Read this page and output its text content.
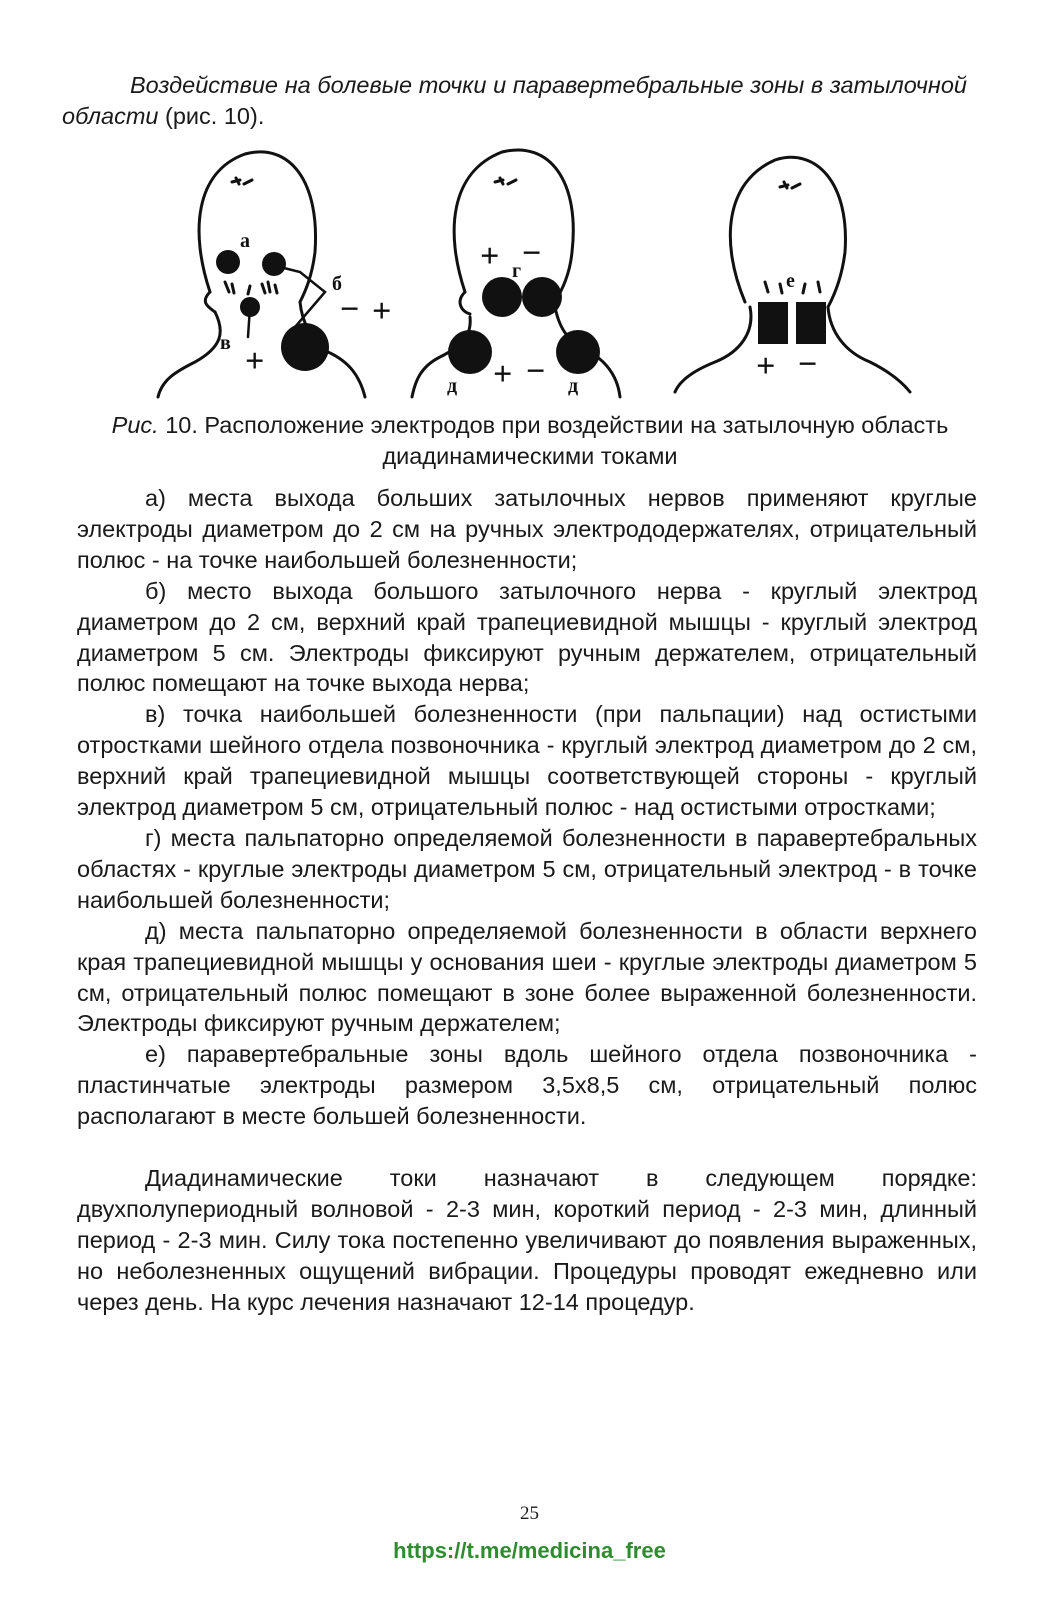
Воздействие на болевые точки и паравертебральные зоны в затылочной области (рис. 10).
а
б
в
г
д	д
е
− +
+
+ −
+ −	+ −
Рис. 10. Расположение электродов при воздействии на затылочную область диадинамическими токами

а) места выхода больших затылочных нервов применяют круглые электроды диаметром до 2 см на ручных электрододержателях, отрицательный полюс - на точке наибольшей болезненности;

б) место выхода большого затылочного нерва - круглый электрод диаметром до 2 см, верхний край трапециевидной мышцы - круглый электрод диаметром 5 см. Электроды фиксируют ручным держателем, отрицательный полюс помещают на точке выхода нерва;

в) точка наибольшей болезненности (при пальпации) над остистыми отростками шейного отдела позвоночника - круглый электрод диаметром до 2 см, верхний край трапециевидной мышцы соответствующей стороны - круглый электрод диаметром 5 см, отрицательный полюс - над остистыми отростками;

г) места пальпаторно определяемой болезненности в паравертебральных областях - круглые электроды диаметром 5 см, отрицательный электрод - в точке наибольшей болезненности;

д) места пальпаторно определяемой болезненности в области верхнего края трапециевидной мышцы у основания шеи - круглые электроды диаметром 5 см, отрицательный полюс помещают в зоне более выраженной болезненности. Электроды фиксируют ручным держателем;

е) паравертебральные зоны вдоль шейного отдела позвоночника - пластинчатые электроды размером 3,5х8,5 см, отрицательный полюс располагают в месте большей болезненности.

Диадинамические токи назначают в следующем порядке: двухполупериодный волновой - 2-3 мин, короткий период - 2-3 мин, длинный период - 2-3 мин. Силу тока постепенно увеличивают до появления выраженных, но неболезненных ощущений вибрации. Процедуры проводят ежедневно или через день. На курс лечения назначают 12-14 процедур.

25
https://t.me/medicina_free
